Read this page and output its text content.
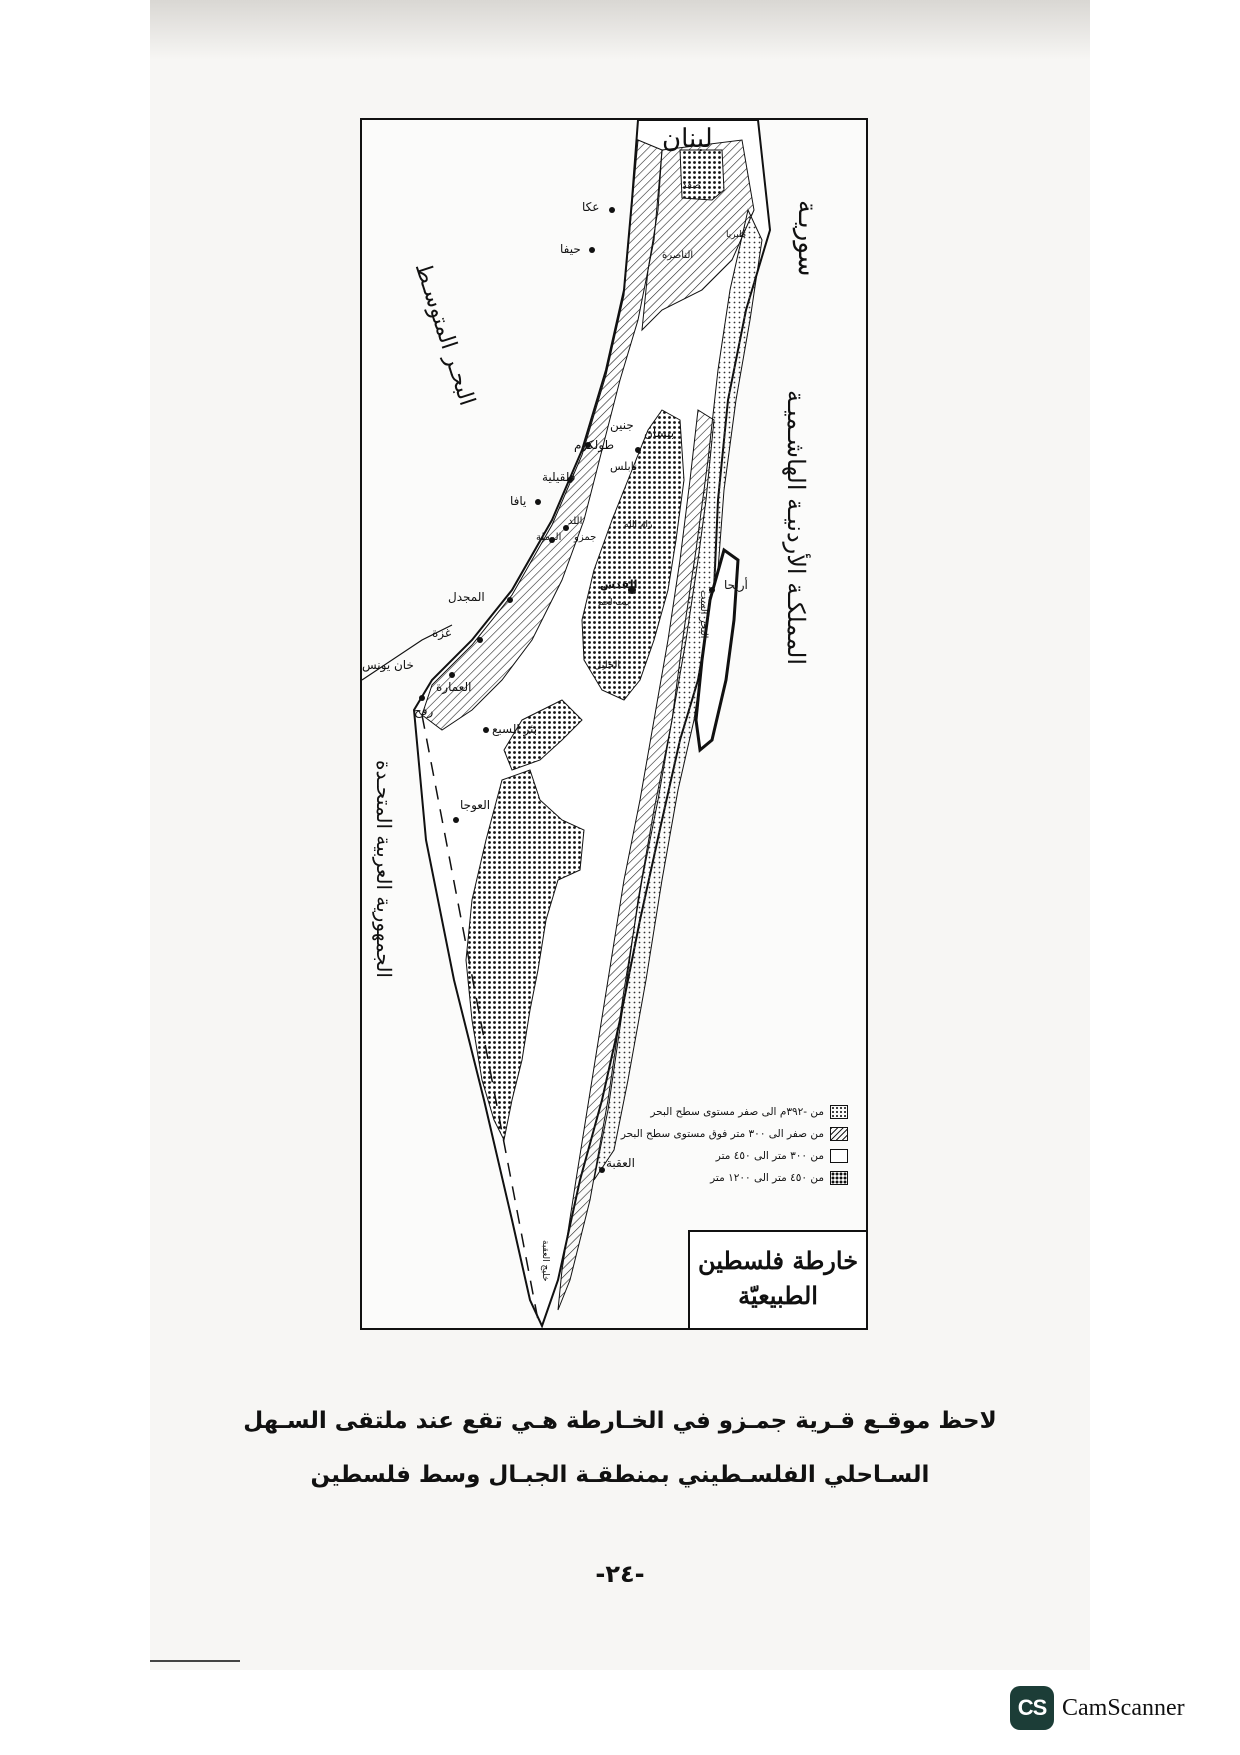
لبنان
سوريـة
البحـر المتوسـط
المملكـة الأردنيـة الهاشـميـة
الجمهورية العربية المتحـدة
البحر الميت
عكا
حيفا	الناصرة
صفد
طبريا
بيسان
جنين
طولكرم
نابلس
قلقيلية
يافا
اللد
جمزو
الرملة
رام الله
القدس	أريحا
بيت لحم
الخليل
المجدل
غزة
خان يونس
رفح
العمارة
بئر السبع
العوجا
العقبة
خليج العقبة
من -٣٩٢م الى صفر مستوى سطح البحر
من صفر الى ٣٠٠ متر فوق مستوى سطح البحر
من ٣٠٠ متر الى ٤٥٠ متر
من ٤٥٠ متر الى ١٢٠٠ متر
خارطة فلسطين
الطبيعيّة
لاحظ موقـع قـرية جمـزو في الخـارطة هـي تقع عند ملتقى السـهل
السـاحلي الفلسـطيني بمنطقـة الجبـال وسط فلسطين
-٢٤-
CS CamScanner
